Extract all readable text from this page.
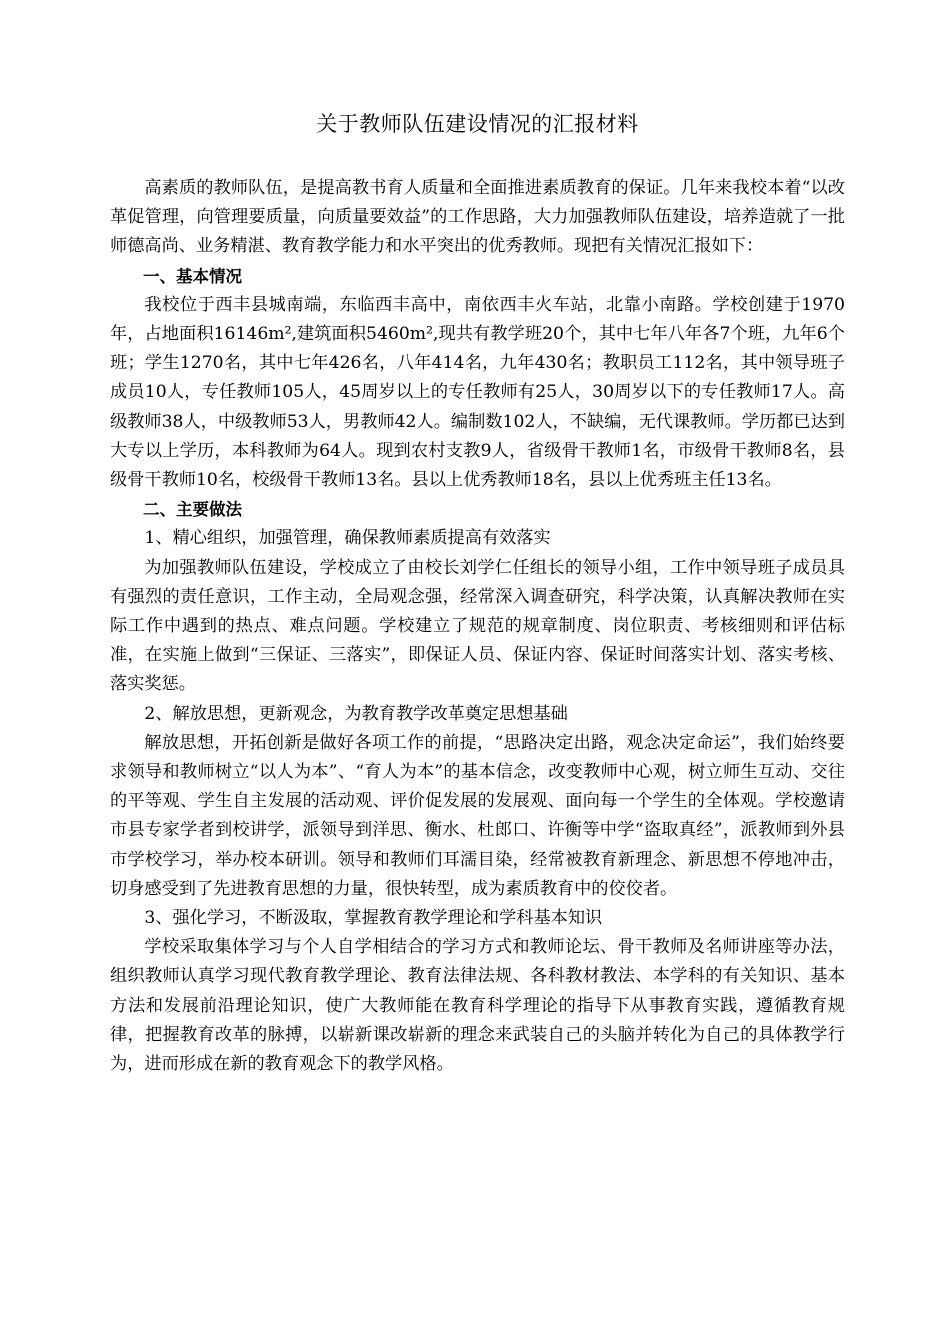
关于教师队伍建设情况的汇报材料

高素质的教师队伍，是提高教书育人质量和全面推进素质教育的保证。几年来我校本着“以改革促管理，向管理要质量，向质量要效益”的工作思路，大力加强教师队伍建设，培养造就了一批师德高尚、业务精湛、教育教学能力和水平突出的优秀教师。现把有关情况汇报如下：

一、基本情况

我校位于西丰县城南端，东临西丰高中，南依西丰火车站，北靠小南路。学校创建于1970年，占地面积16146m²,建筑面积5460m²,现共有教学班20个，其中七年八年各7个班，九年6个班；学生1270名，其中七年426名，八年414名，九年430名；教职员工112名，其中领导班子成员10人，专任教师105人，45周岁以上的专任教师有25人，30周岁以下的专任教师17人。高级教师38人，中级教师53人，男教师42人。编制数102人，不缺编，无代课教师。学历都已达到大专以上学历，本科教师为64人。现到农村支教9人，省级骨干教师1名，市级骨干教师8名，县级骨干教师10名，校级骨干教师13名。县以上优秀教师18名，县以上优秀班主任13名。

二、主要做法

1、精心组织，加强管理，确保教师素质提高有效落实

为加强教师队伍建设，学校成立了由校长刘学仁任组长的领导小组，工作中领导班子成员具有强烈的责任意识，工作主动，全局观念强，经常深入调查研究，科学决策，认真解决教师在实际工作中遇到的热点、难点问题。学校建立了规范的规章制度、岗位职责、考核细则和评估标准，在实施上做到“三保证、三落实”，即保证人员、保证内容、保证时间落实计划、落实考核、落实奖惩。

2、解放思想，更新观念，为教育教学改革奠定思想基础

解放思想，开拓创新是做好各项工作的前提，“思路决定出路，观念决定命运”，我们始终要求领导和教师树立“以人为本”、“育人为本”的基本信念，改变教师中心观，树立师生互动、交往的平等观、学生自主发展的活动观、评价促发展的发展观、面向每一个学生的全体观。学校邀请市县专家学者到校讲学，派领导到洋思、衡水、杜郎口、许衡等中学“盗取真经”，派教师到外县市学校学习，举办校本研训。领导和教师们耳濡目染，经常被教育新理念、新思想不停地冲击，切身感受到了先进教育思想的力量，很快转型，成为素质教育中的佼佼者。

3、强化学习，不断汲取，掌握教育教学理论和学科基本知识

学校采取集体学习与个人自学相结合的学习方式和教师论坛、骨干教师及名师讲座等办法，组织教师认真学习现代教育教学理论、教育法律法规、各科教材教法、本学科的有关知识、基本方法和发展前沿理论知识，使广大教师能在教育科学理论的指导下从事教育实践，遵循教育规律，把握教育改革的脉搏，以崭新课改崭新的理念来武装自己的头脑并转化为自己的具体教学行为，进而形成在新的教育观念下的教学风格。
